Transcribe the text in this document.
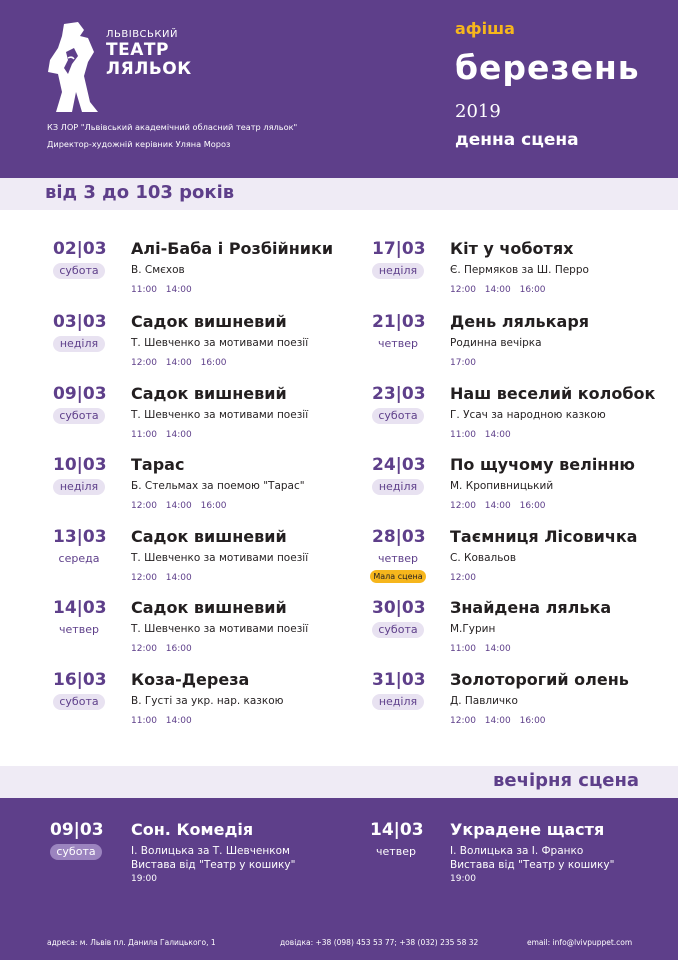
ЛЬВІВСЬКИЙ
ТЕАТР
ЛЯЛЬОК
КЗ ЛОР "Львівський академічний обласний театр ляльок"
Директор-художній керівник Уляна Мороз
афіша
березень
2019
денна сцена
від 3 до 103 років
02|03
субота
Алі-Баба і Розбійники
В. Смєхов
11:00 14:00
03|03
неділя
Садок вишневий
Т. Шевченко за мотивами поезії
12:00 14:00 16:00
09|03
субота
Садок вишневий
Т. Шевченко за мотивами поезії
11:00 14:00
10|03
неділя
Тарас
Б. Стельмах за поемою "Тарас"
12:00 14:00 16:00
13|03
середа
Садок вишневий
Т. Шевченко за мотивами поезії
12:00 14:00
14|03
четвер
Садок вишневий
Т. Шевченко за мотивами поезії
12:00 16:00
16|03
субота
Коза-Дереза
В. Густі за укр. нар. казкою
11:00 14:00
17|03
неділя
Кіт у чоботях
Є. Пермяков за Ш. Перро
12:00 14:00 16:00
21|03
четвер
День лялькаря
Родинна вечірка
17:00
23|03
субота
Наш веселий колобок
Г. Усач за народною казкою
11:00 14:00
24|03
неділя
По щучому велінню
М. Кропивницький
12:00 14:00 16:00
28|03
четвер
Мала сцена
Таємниця Лісовичка
С. Ковальов
12:00
30|03
субота
Знайдена лялька
М.Гурин
11:00 14:00
31|03
неділя
Золоторогий олень
Д. Павличко
12:00 14:00 16:00
вечірня сцена
09|03
субота
Сон. Комедія
І. Волицька за Т. Шевченком
Вистава від "Театр у кошику"
19:00
14|03
четвер
Украдене щастя
І. Волицька за І. Франко
Вистава від "Театр у кошику"
19:00
адреса: м. Львів пл. Данила Галицького, 1	довідка: +38 (098) 453 53 77; +38 (032) 235 58 32	email: info@lvivpuppet.com
